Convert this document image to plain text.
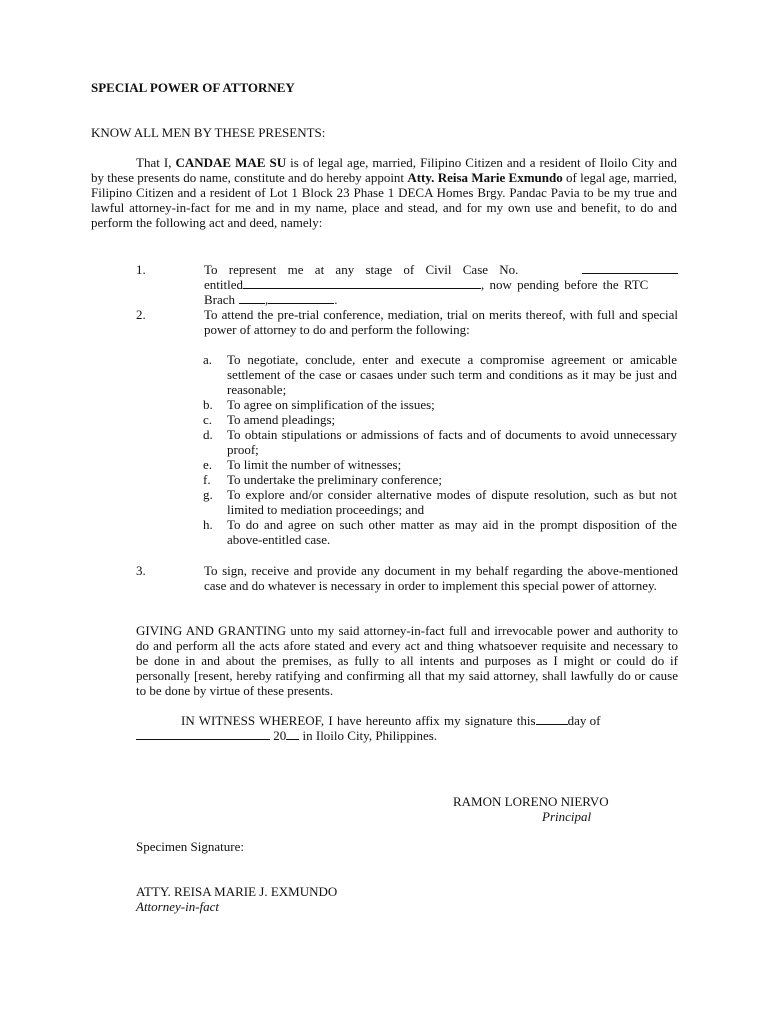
SPECIAL POWER OF ATTORNEY
KNOW ALL MEN BY THESE PRESENTS:
That I, CANDAE MAE SU is of legal age, married, Filipino Citizen and a resident of Iloilo City and by these presents do name, constitute and do hereby appoint Atty. Reisa Marie Exmundo of legal age, married, Filipino Citizen and a resident of Lot 1 Block 23 Phase 1 DECA Homes Brgy. Pandac Pavia to be my true and lawful attorney-in-fact for me and in my name, place and stead, and for my own use and benefit, to do and perform the following act and deed, namely:
1.	To represent me at any stage of Civil Case No.
entitled	, now pending before the RTC
Brach ,	.
2.	To attend the pre-trial conference, mediation, trial on merits thereof, with full and special power of attorney to do and perform the following:
a.	To negotiate, conclude, enter and execute a compromise agreement or amicable settlement of the case or casaes under such term and conditions as it may be just and reasonable;
b.	To agree on simplification of the issues;
c.	To amend pleadings;
d.	To obtain stipulations or admissions of facts and of documents to avoid unnecessary proof;
e.	To limit the number of witnesses;
f.	To undertake the preliminary conference;
g.	To explore and/or consider alternative modes of dispute resolution, such as but not limited to mediation proceedings; and
h.	To do and agree on such other matter as may aid in the prompt disposition of the above-entitled case.
3.	To sign, receive and provide any document in my behalf regarding the above-mentioned case and do whatever is necessary in order to implement this special power of attorney.
GIVING AND GRANTING unto my said attorney-in-fact full and irrevocable power and authority to do and perform all the acts afore stated and every act and thing whatsoever requisite and necessary to be done in and about the premises, as fully to all intents and purposes as I might or could do if personally [resent, hereby ratifying and confirming all that my said attorney, shall lawfully do or cause to be done by virtue of these presents.
IN WITNESS WHEREOF, I have hereunto affix my signature this day of
20 in Iloilo City, Philippines.
RAMON LORENO NIERVO
Principal
Specimen Signature:
ATTY. REISA MARIE J. EXMUNDO
Attorney-in-fact
